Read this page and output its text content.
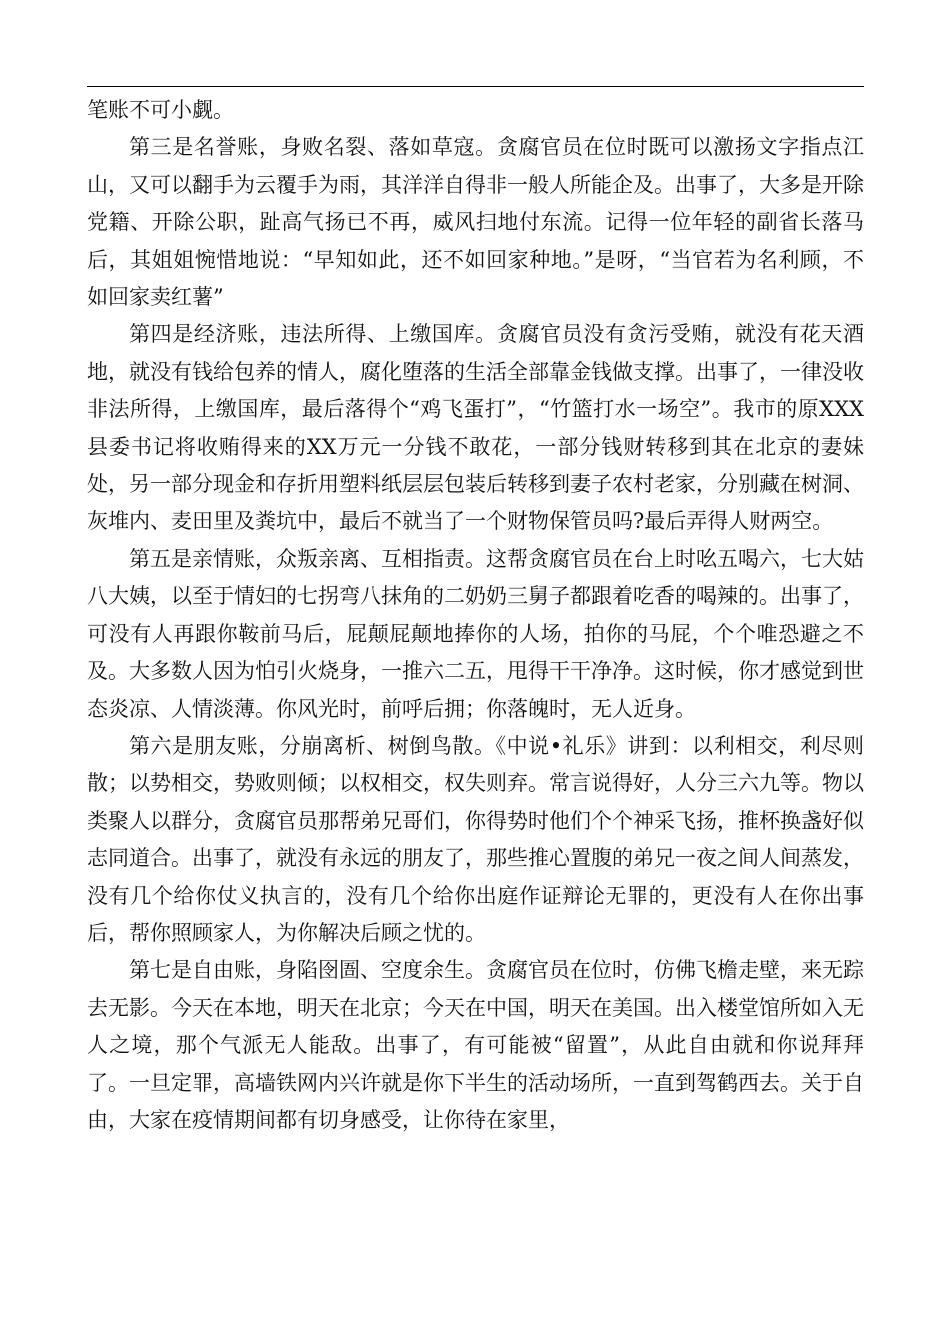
笔账不可小觑。

第三是名誉账，身败名裂、落如草寇。贪腐官员在位时既可以激扬文字指点江山，又可以翻手为云覆手为雨，其洋洋自得非一般人所能企及。出事了，大多是开除党籍、开除公职，趾高气扬已不再，威风扫地付东流。记得一位年轻的副省长落马后，其姐姐惋惜地说：“早知如此，还不如回家种地。”是呀，“当官若为名利顾，不如回家卖红薯”

第四是经济账，违法所得、上缴国库。贪腐官员没有贪污受贿，就没有花天酒地，就没有钱给包养的情人，腐化堕落的生活全部靠金钱做支撑。出事了，一律没收非法所得，上缴国库，最后落得个“鸡飞蛋打”，“竹篮打水一场空”。我市的原XXX县委书记将收贿得来的XX万元一分钱不敢花，一部分钱财转移到其在北京的妻妹处，另一部分现金和存折用塑料纸层层包装后转移到妻子农村老家，分别藏在树洞、灰堆内、麦田里及粪坑中，最后不就当了一个财物保管员吗?最后弄得人财两空。

第五是亲情账，众叛亲离、互相指责。这帮贪腐官员在台上时吆五喝六，七大姑八大姨，以至于情妇的七拐弯八抹角的二奶奶三舅子都跟着吃香的喝辣的。出事了，可没有人再跟你鞍前马后，屁颠屁颠地捧你的人场，拍你的马屁，个个唯恐避之不及。大多数人因为怕引火烧身，一推六二五，甩得干干净净。这时候，你才感觉到世态炎凉、人情淡薄。你风光时，前呼后拥；你落魄时，无人近身。

第六是朋友账，分崩离析、树倒鸟散。《中说•礼乐》讲到：以利相交，利尽则散；以势相交，势败则倾；以权相交，权失则弃。常言说得好，人分三六九等。物以类聚人以群分，贪腐官员那帮弟兄哥们，你得势时他们个个神采飞扬，推杯换盏好似志同道合。出事了，就没有永远的朋友了，那些推心置腹的弟兄一夜之间人间蒸发，没有几个给你仗义执言的，没有几个给你出庭作证辩论无罪的，更没有人在你出事后，帮你照顾家人，为你解决后顾之忧的。

第七是自由账，身陷囹圄、空度余生。贪腐官员在位时，仿佛飞檐走壁，来无踪去无影。今天在本地，明天在北京；今天在中国，明天在美国。出入楼堂馆所如入无人之境，那个气派无人能敌。出事了，有可能被“留置”，从此自由就和你说拜拜了。一旦定罪，高墙铁网内兴许就是你下半生的活动场所，一直到驾鹤西去。关于自由，大家在疫情期间都有切身感受，让你待在家里，
